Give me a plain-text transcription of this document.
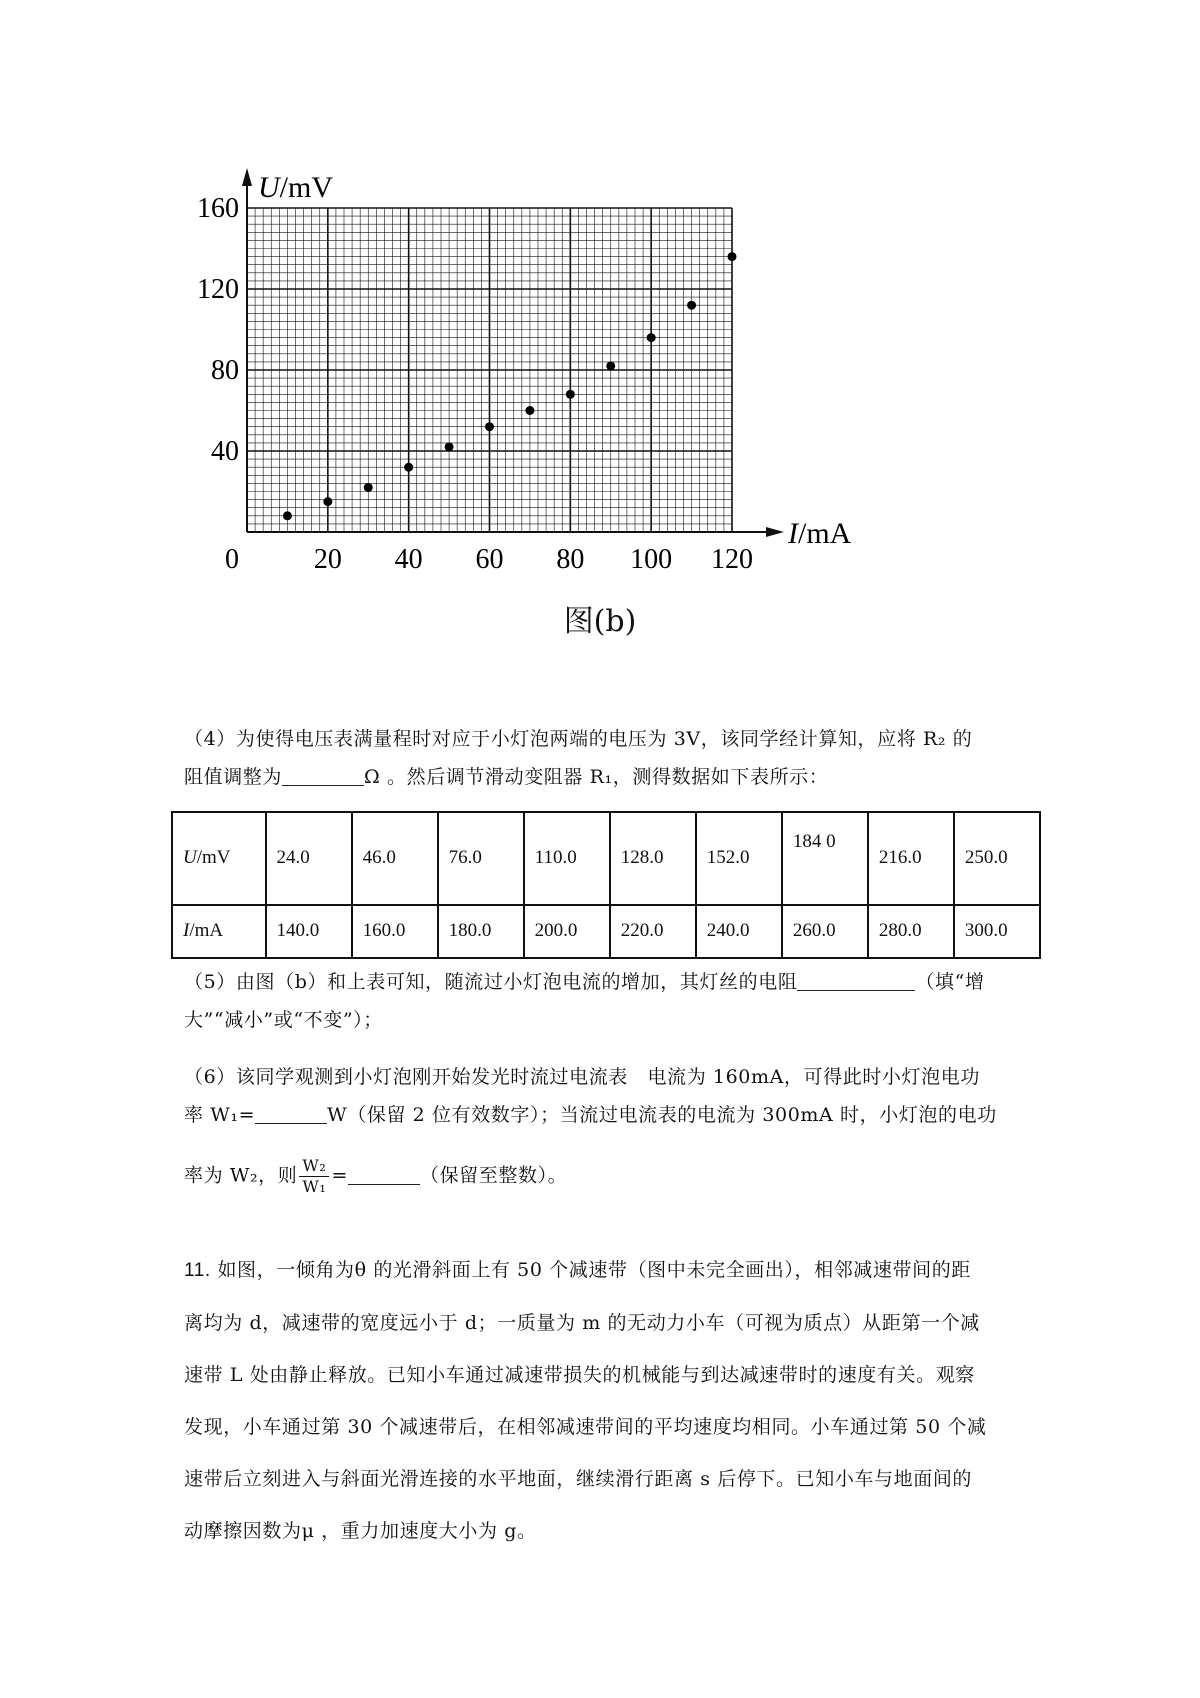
U/mV
I/mA
0	20 40 60 80 100 120
40
80
120
160
图(b)
（4）为使得电压表满量程时对应于小灯泡两端的电压为 3V，该同学经计算知，应将 R₂ 的
阻值调整为	Ω 。然后调节滑动变阻器 R₁，测得数据如下表所示：
U/mV	24.0	46.0	76.0	110.0	128.0	152.0	184 0	216.0	250.0
I/mA	140.0	160.0	180.0	200.0	220.0	240.0	260.0	280.0	300.0
（5）由图（b）和上表可知，随流过小灯泡电流的增加，其灯丝的电阻	（填“增
大”“减小”或“不变”）；
（6）该同学观测到小灯泡刚开始发光时流过电流表　电流为 160mA，可得此时小灯泡电功
率 W₁=	W（保留 2 位有效数字）；当流过电流表的电流为 300mA 时，小灯泡的电功
率为 W₂，则 $\frac{\text{W₂}}{\text{W₁}}$ =	（保留至整数）。
11. 如图，一倾角为θ 的光滑斜面上有 50 个减速带（图中未完全画出），相邻减速带间的距
离均为 d，减速带的宽度远小于 d；一质量为 m 的无动力小车（可视为质点）从距第一个减
速带 L 处由静止释放。已知小车通过减速带损失的机械能与到达减速带时的速度有关。观察
发现，小车通过第 30 个减速带后，在相邻减速带间的平均速度均相同。小车通过第 50 个减
速带后立刻进入与斜面光滑连接的水平地面，继续滑行距离 s 后停下。已知小车与地面间的
动摩擦因数为μ ，重力加速度大小为 g。
